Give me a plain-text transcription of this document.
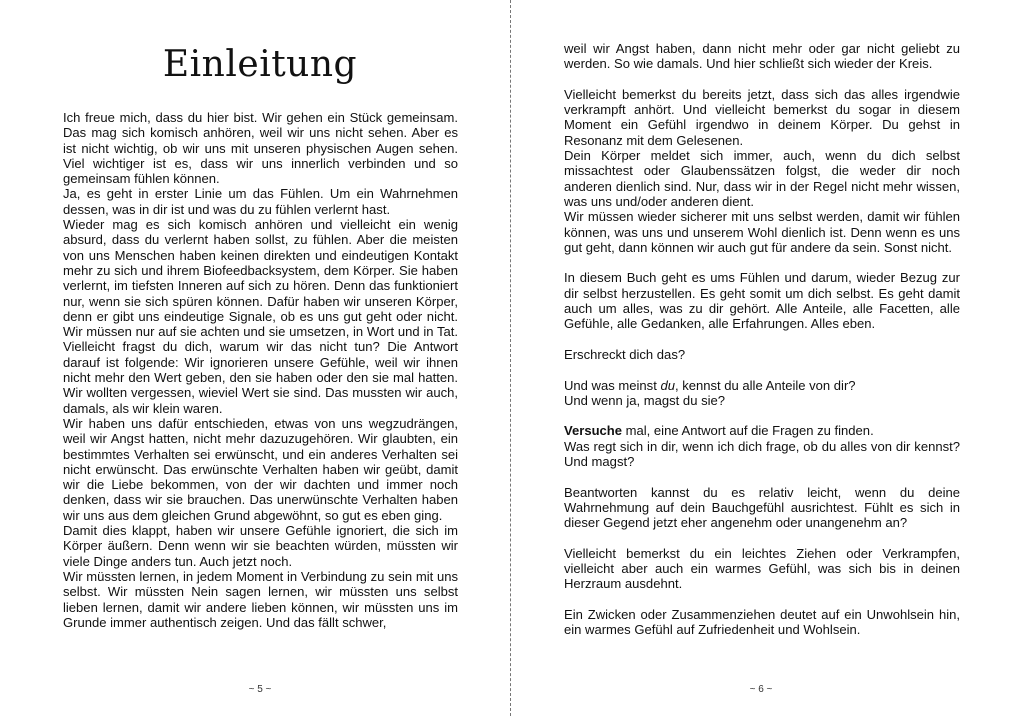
Einleitung

Ich freue mich, dass du hier bist. Wir gehen ein Stück gemeinsam. Das mag sich komisch anhören, weil wir uns nicht sehen. Aber es ist nicht wichtig, ob wir uns mit unseren physischen Augen sehen. Viel wichtiger ist es, dass wir uns innerlich verbinden und so gemeinsam fühlen können.

Ja, es geht in erster Linie um das Fühlen. Um ein Wahrnehmen dessen, was in dir ist und was du zu fühlen verlernt hast.

Wieder mag es sich komisch anhören und vielleicht ein wenig absurd, dass du verlernt haben sollst, zu fühlen. Aber die meisten von uns Menschen haben keinen direkten und eindeutigen Kontakt mehr zu sich und ihrem Biofeedbacksystem, dem Körper. Sie haben verlernt, im tiefsten Inneren auf sich zu hören. Denn das funktioniert nur, wenn sie sich spüren können. Dafür haben wir unseren Körper, denn er gibt uns eindeutige Signale, ob es uns gut geht oder nicht. Wir müssen nur auf sie achten und sie umsetzen, in Wort und in Tat. Vielleicht fragst du dich, warum wir das nicht tun? Die Antwort darauf ist folgende: Wir ignorieren unsere Gefühle, weil wir ihnen nicht mehr den Wert geben, den sie haben oder den sie mal hatten. Wir wollten vergessen, wieviel Wert sie sind. Das mussten wir auch, damals, als wir klein waren.

Wir haben uns dafür entschieden, etwas von uns wegzudrängen, weil wir Angst hatten, nicht mehr dazuzugehören. Wir glaubten, ein bestimmtes Verhalten sei erwünscht, und ein anderes Verhalten sei nicht erwünscht. Das erwünschte Verhalten haben wir geübt, damit wir die Liebe bekommen, von der wir dachten und immer noch denken, dass wir sie brauchen. Das unerwünschte Verhalten haben wir uns aus dem gleichen Grund abgewöhnt, so gut es eben ging.

Damit dies klappt, haben wir unsere Gefühle ignoriert, die sich im Körper äußern. Denn wenn wir sie beachten würden, müssten wir viele Dinge anders tun. Auch jetzt noch.

Wir müssten lernen, in jedem Moment in Verbindung zu sein mit uns selbst. Wir müssten Nein sagen lernen, wir müssten uns selbst lieben lernen, damit wir andere lieben können, wir müssten uns im Grunde immer authentisch zeigen. Und das fällt schwer,

~ 5 ~

weil wir Angst haben, dann nicht mehr oder gar nicht geliebt zu werden. So wie damals. Und hier schließt sich wieder der Kreis.

Vielleicht bemerkst du bereits jetzt, dass sich das alles irgendwie verkrampft anhört. Und vielleicht bemerkst du sogar in diesem Moment ein Gefühl irgendwo in deinem Körper. Du gehst in Resonanz mit dem Gelesenen.

Dein Körper meldet sich immer, auch, wenn du dich selbst missachtest oder Glaubenssätzen folgst, die weder dir noch anderen dienlich sind. Nur, dass wir in der Regel nicht mehr wissen, was uns und/oder anderen dient.

Wir müssen wieder sicherer mit uns selbst werden, damit wir fühlen können, was uns und unserem Wohl dienlich ist. Denn wenn es uns gut geht, dann können wir auch gut für andere da sein. Sonst nicht.

In diesem Buch geht es ums Fühlen und darum, wieder Bezug zur dir selbst herzustellen. Es geht somit um dich selbst. Es geht damit auch um alles, was zu dir gehört. Alle Anteile, alle Facetten, alle Gefühle, alle Gedanken, alle Erfahrungen. Alles eben.

Erschreckt dich das?

Und was meinst du, kennst du alle Anteile von dir?

Und wenn ja, magst du sie?

Versuche mal, eine Antwort auf die Fragen zu finden.

Was regt sich in dir, wenn ich dich frage, ob du alles von dir kennst? Und magst?

Beantworten kannst du es relativ leicht, wenn du deine Wahrnehmung auf dein Bauchgefühl ausrichtest. Fühlt es sich in dieser Gegend jetzt eher angenehm oder unangenehm an?

Vielleicht bemerkst du ein leichtes Ziehen oder Verkrampfen, vielleicht aber auch ein warmes Gefühl, was sich bis in deinen Herzraum ausdehnt.

Ein Zwicken oder Zusammenziehen deutet auf ein Unwohlsein hin, ein warmes Gefühl auf Zufriedenheit und Wohlsein.

~ 6 ~
